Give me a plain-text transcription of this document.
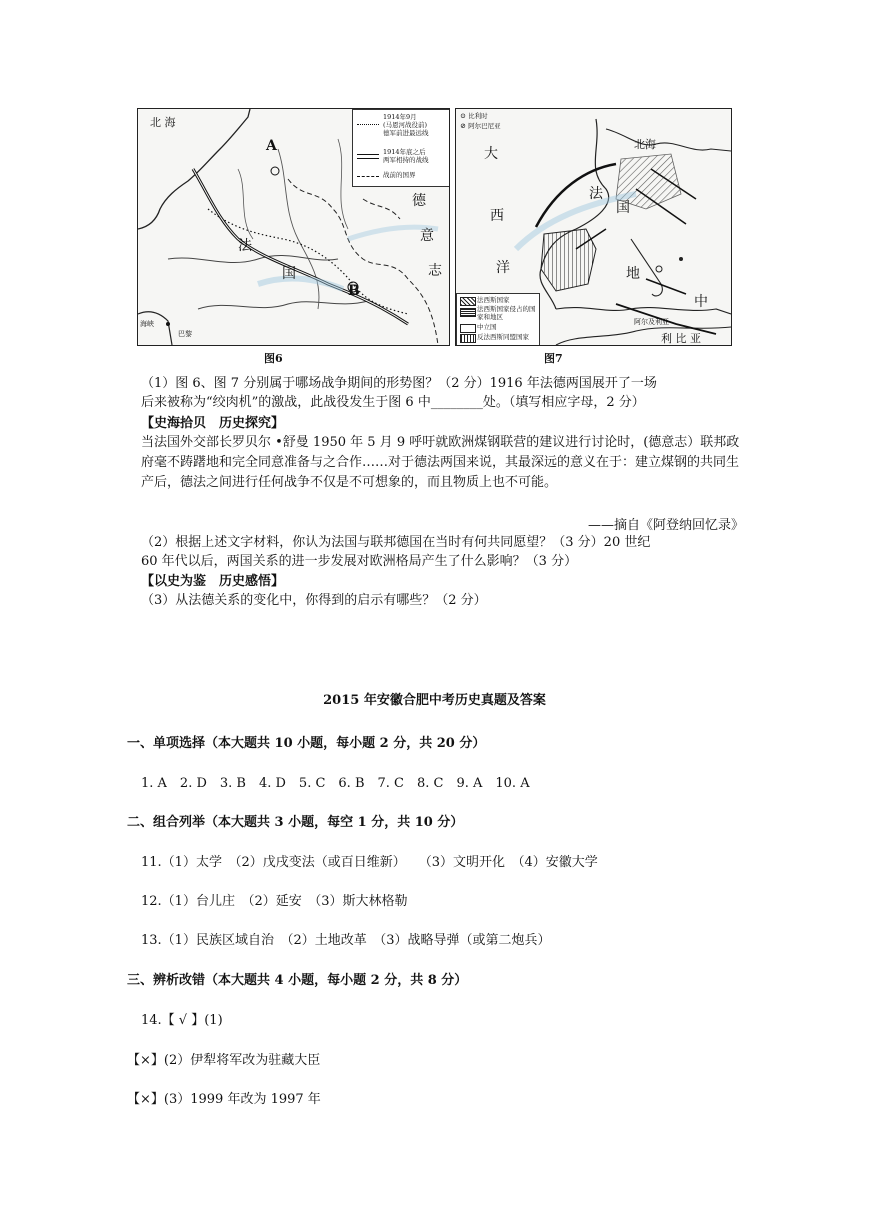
北 海
A
B
德
意
志
法
国
巴黎
海峡
1914年9月
(马恩河战役前)
德军前进最远线
1914年底之后
两军相持的战线
战前的国界
图6
⊙ 比利时
⊘ 阿尔巴尼亚
大
西
洋
北海
法
国
地
中
阿尔及利亚
利 比 亚
法西斯国家
法西斯国家侵占的国家和地区
中立国
反法西斯同盟国家
图7
（1）图 6、图 7 分别属于哪场战争期间的形势图？（2 分）1916 年法德两国展开了一场
后来被称为“绞肉机”的激战，此战役发生于图 6 中________处。（填写相应字母，2 分）
【史海拾贝　历史探究】
当法国外交部长罗贝尔 •舒曼 1950 年 5 月 9 呼吁就欧洲煤钢联营的建议进行讨论时，(德意志）联邦政府毫不踌躇地和完全同意准备与之合作……对于德法两国来说，其最深远的意义在于：建立煤钢的共同生产后，德法之间进行任何战争不仅是不可想象的，而且物质上也不可能。
——摘自《阿登纳回忆录》
（2）根据上述文字材料，你认为法国与联邦德国在当时有何共同愿望？（3 分）20 世纪
60 年代以后，两国关系的进一步发展对欧洲格局产生了什么影响？（3 分）
【以史为鉴　历史感悟】
（3）从法德关系的变化中，你得到的启示有哪些？（2 分）
2015 年安徽合肥中考历史真题及答案
一、单项选择（本大题共 10 小题，每小题 2 分，共 20 分）
1. A　2. D　3. B　4. D　5. C　6. B　7. C　8. C　9. A　10. A
二、组合列举（本大题共 3 小题，每空 1 分，共 10 分）
11.（1）太学　（2）戊戌变法（或百日维新）　　（3）文明开化　（4）安徽大学
12.（1）台儿庄　（2）延安　（3）斯大林格勒
13.（1）民族区域自治　（2）土地改革　（3）战略导弹（或第二炮兵）
三、辨析改错（本大题共 4 小题，每小题 2 分，共 8 分）
14.【 √ 】(1)
【×】(2）伊犁将军改为驻藏大臣
【×】(3）1999 年改为 1997 年
